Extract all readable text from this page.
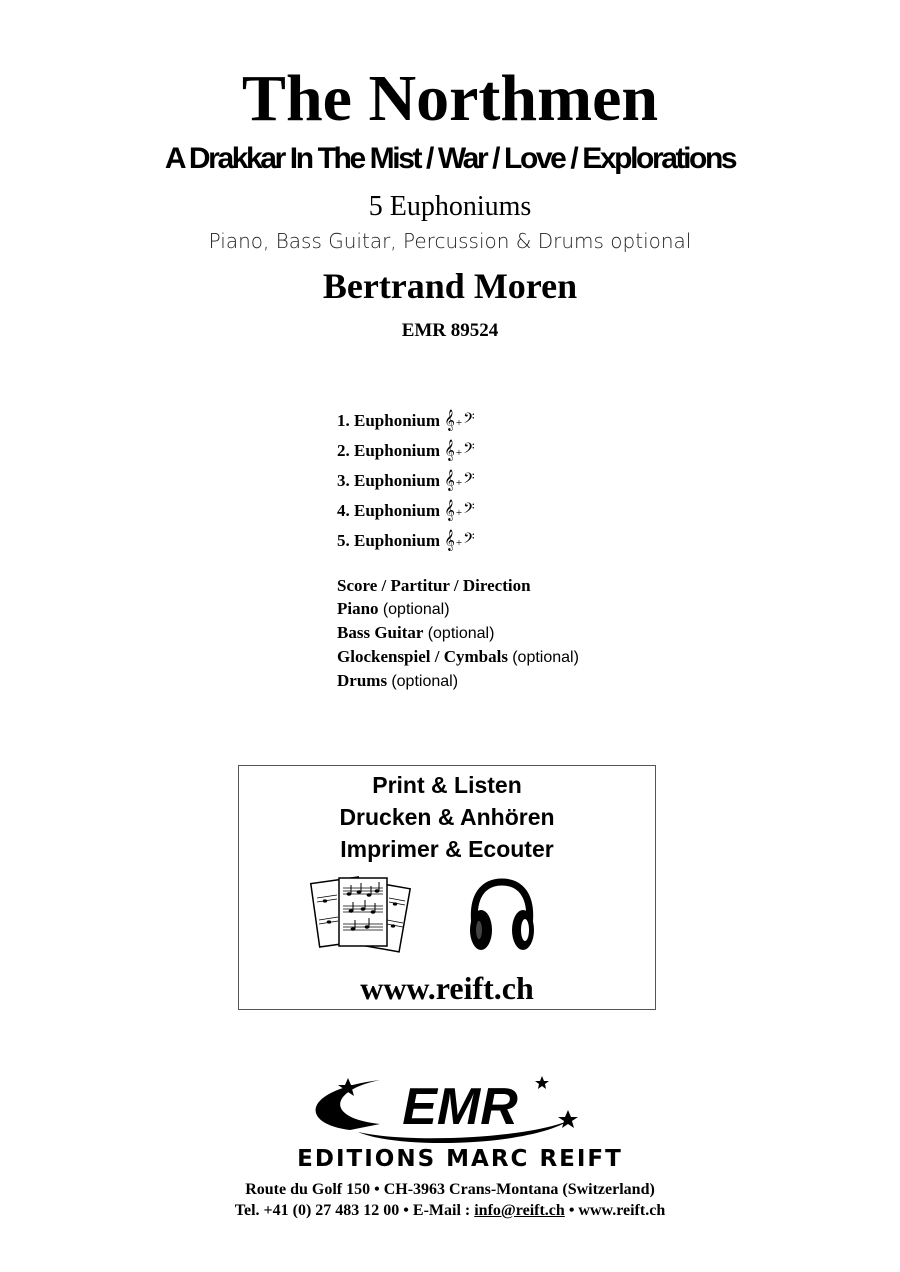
The Northmen
A Drakkar In The Mist / War / Love / Explorations
5 Euphoniums
Piano, Bass Guitar, Percussion & Drums optional
Bertrand Moren
EMR 89524
1. Euphonium 𝄞+𝄢
2. Euphonium 𝄞+𝄢
3. Euphonium 𝄞+𝄢
4. Euphonium 𝄞+𝄢
5. Euphonium 𝄞+𝄢
Score / Partitur / Direction
Piano (optional)
Bass Guitar (optional)
Glockenspiel / Cymbals (optional)
Drums (optional)
Print & Listen
Drucken & Anhören
Imprimer & Ecouter
www.reift.ch
EMR
EDITIONS MARC REIFT
Route du Golf 150 • CH-3963 Crans-Montana (Switzerland)
Tel. +41 (0) 27 483 12 00 • E-Mail : info@reift.ch • www.reift.ch
